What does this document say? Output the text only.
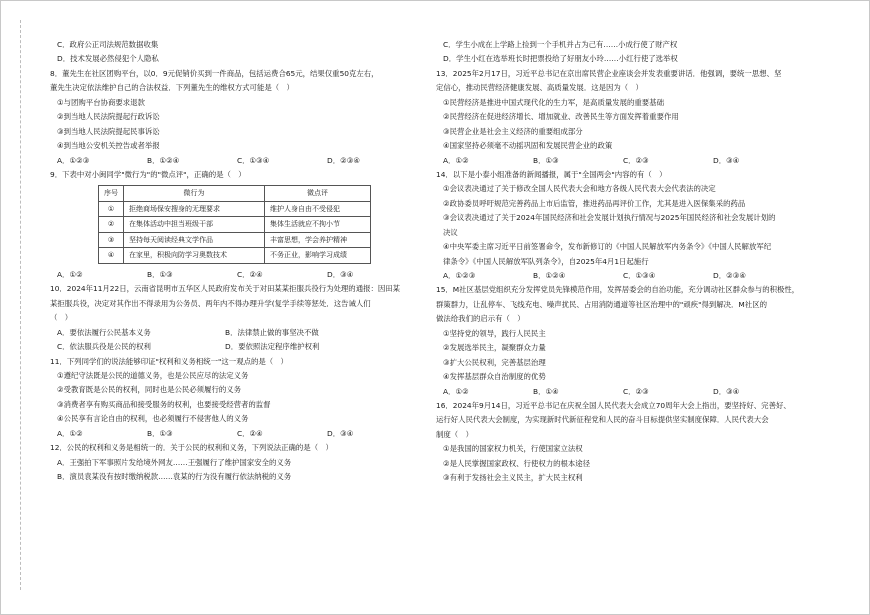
C．政府公正司法规范数据收集
D．技术发展必然侵犯个人隐私
8．董先生在社区团购平台，以0．9元促销价买到一件商品，包括运费合65元，结果仅重50克左右，
董先生决定依法维护自己的合法权益．下列董先生的维权方式可能是（　）
①与团购平台协商要求退款
②到当地人民法院提起行政诉讼
③到当地人民法院提起民事诉讼
④到当地公安机关控告或者举报
A．①②③	B．①②④	C．①③④	D．②③④
9．下表中对小闽同学"微行为"的"微点评"，正确的是（　）
序号	微行为	微点评
①	拒绝商场保安搜身的无理要求	维护人身自由不受侵犯
②	在集体活动中担当班级干部	集体生活就应不拘小节
③	坚持每天阅读经典文学作品	丰富思想，学会养护精神
④	在家里，积极向防学习奥数技术	不务正业，影响学习成绩
A．①②	B．①③	C．②④	D．③④
10．2024年11月22日，云南省昆明市五华区人民政府发布关于对田某某拒服兵役行为处理的通报：因田某
某拒服兵役，决定对其作出不得录用为公务员、两年内不得办理升学(复学手续等惩处．这告诫人们
（　）
A．要依法履行公民基本义务	B．法律禁止做的事坚决不做
C．依法服兵役是公民的权利	D．要依照法定程序维护权利
11．下列同学们的说法能够印证"权利和义务相统一"这一观点的是（　）
①遵纪守法既是公民的道德义务，也是公民应尽的法定义务
②受教育既是公民的权利，同时也是公民必须履行的义务
③消费者享有购买商品和接受服务的权利，也要接受经营者的监督
④公民享有言论自由的权利，也必须履行不侵害他人的义务
A．①②	B．①③	C．②④	D．③④
12．公民的权利和义务是相统一的．关于公民的权利和义务，下列说法正确的是（　）
A．王强拍下军事照片发给境外网友……王强履行了维护国家安全的义务
B．演员袁某没有按时缴纳税款……袁某的行为没有履行依法纳税的义务
C．学生小成在上学路上捡到一个手机并占为己有……小成行使了财产权
D．学生小红在选举班长时把票投给了好朋友小玲……小红行使了选举权
13．2025年2月17日，习近平总书记在京出席民营企业座谈会并发表重要讲话．他强调，要统一思想、坚
定信心，推动民营经济健康发展、高质量发展．这是因为（　）
①民营经济是推进中国式现代化的生力军，是高质量发展的重要基础
②民营经济在促进经济增长、增加就业、改善民生等方面发挥着重要作用
③民营企业是社会主义经济的重要组成部分
④国家坚持必须毫不动摇巩固和发展民营企业的政策
A．①②	B．①③	C．②③	D．③④
14．以下是小泰小组准备的新闻播报，属于"全国两会"内容的有（　）
①会议表决通过了关于修改全国人民代表大会和地方各级人民代表大会代表法的决定
②政协委员呼吁规范完善药品上市后监管，推进药品再评价工作，尤其是进入医保集采的药品
③会议表决通过了关于2024年国民经济和社会发展计划执行情况与2025年国民经济和社会发展计划的
决议
④中央军委主席习近平日前签署命令，发布新修订的《中国人民解放军内务条令》《中国人民解放军纪
律条令》《中国人民解放军队列条令》，自2025年4月1日起施行
A．①②③	B．①②④	C．①③④	D．②③④
15．M社区基层党组织充分发挥党员先锋模范作用，发挥居委会的自治功能，充分调动社区群众参与的积极性，
群策群力，让乱停车、飞线充电、噪声扰民、占用消防通道等社区治理中的"顽疾"得到解决．M社区的
做法给我们的启示有（　）
①坚持党的领导，践行人民民主
②发展选举民主，凝聚群众力量
③扩大公民权利，完善基层治理
④发挥基层群众自治制度的优势
A．①②	B．①④	C．②③	D．③④
16．2024年9月14日，习近平总书记在庆祝全国人民代表大会成立70周年大会上指出，要坚持好、完善好、
运行好人民代表大会制度，为实现新时代新征程党和人民的奋斗目标提供坚实制度保障．人民代表大会
制度（　）
①是我国的国家权力机关，行使国家立法权
②是人民掌握国家政权、行使权力的根本途径
③有利于发扬社会主义民主，扩大民主权利
